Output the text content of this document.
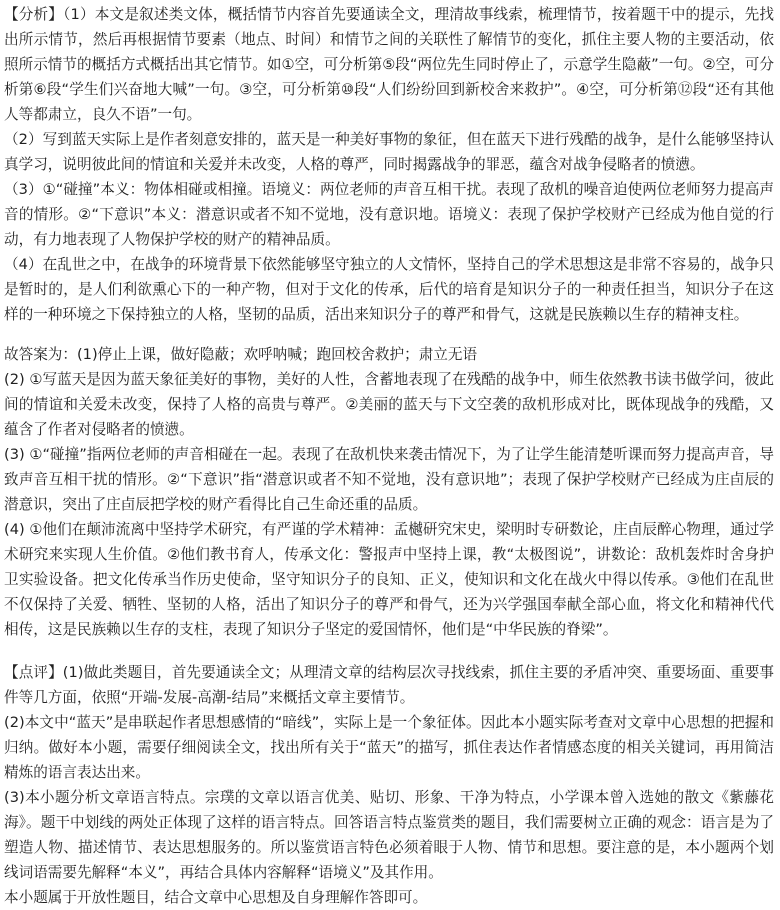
【分析】（1）本文是叙述类文体，概括情节内容首先要通读全文，理清故事线索，梳理情节，按着题干中的提示，先找出所示情节，然后再根据情节要素（地点、时间）和情节之间的关联性了解情节的变化，抓住主要人物的主要活动，依照所示情节的概括方式概括出其它情节。如①空，可分析第⑤段“两位先生同时停止了，示意学生隐蔽”一句。②空，可分析第⑥段“学生们兴奋地大喊”一句。③空，可分析第⑩段“人们纷纷回到新校舍来救护”。④空，可分析第⑫段“还有其他人等都肃立，良久不语”一句。

（2）写到蓝天实际上是作者刻意安排的，蓝天是一种美好事物的象征，但在蓝天下进行残酷的战争，是什么能够坚持认真学习，说明彼此间的情谊和关爱并未改变，人格的尊严，同时揭露战争的罪恶，蕴含对战争侵略者的愤懑。

（3）①“碰撞”本义：物体相碰或相撞。语境义：两位老师的声音互相干扰。表现了敌机的噪音迫使两位老师努力提高声音的情形。②“下意识”本义：潜意识或者不知不觉地，没有意识地。语境义：表现了保护学校财产已经成为他自觉的行动，有力地表现了人物保护学校的财产的精神品质。

（4）在乱世之中，在战争的环境背景下依然能够坚守独立的人文情怀，坚持自己的学术思想这是非常不容易的，战争只是暂时的，是人们利欲熏心下的一种产物，但对于文化的传承，后代的培育是知识分子的一种责任担当，知识分子在这样的一种环境之下保持独立的人格，坚韧的品质，活出来知识分子的尊严和骨气，这就是民族赖以生存的精神支柱。

故答案为：(1)停止上课，做好隐蔽；欢呼呐喊；跑回校舍救护；肃立无语

(2) ①写蓝天是因为蓝天象征美好的事物，美好的人性，含蓄地表现了在残酷的战争中，师生依然教书读书做学问，彼此间的情谊和关爱未改变，保持了人格的高贵与尊严。②美丽的蓝天与下文空袭的敌机形成对比，既体现战争的残酷，又蕴含了作者对侵略者的愤懑。

(3) ①“碰撞”指两位老师的声音相碰在一起。表现了在敌机快来袭击情况下，为了让学生能清楚听课而努力提高声音，导致声音互相干扰的情形。②“下意识”指“潜意识或者不知不觉地，没有意识地”；表现了保护学校财产已经成为庄卣辰的潜意识，突出了庄卣辰把学校的财产看得比自己生命还重的品质。

(4) ①他们在颠沛流离中坚持学术研究，有严谨的学术精神：孟樾研究宋史，梁明时专研数论，庄卣辰醉心物理，通过学术研究来实现人生价值。②他们教书育人，传承文化：警报声中坚持上课，教“太极图说”，讲数论：敌机轰炸时舍身护卫实验设备。把文化传承当作历史使命，坚守知识分子的良知、正义，使知识和文化在战火中得以传承。③他们在乱世不仅保持了关爱、牺牲、坚韧的人格，活出了知识分子的尊严和骨气，还为兴学强国奉献全部心血，将文化和精神代代相传，这是民族赖以生存的支柱，表现了知识分子坚定的爱国情怀，他们是“中华民族的脊梁”。

【点评】(1)做此类题目，首先要通读全文；从理清文章的结构层次寻找线索，抓住主要的矛盾冲突、重要场面、重要事件等几方面，依照“开端-发展-高潮-结局”来概括文章主要情节。

(2)本文中“蓝天”是串联起作者思想感情的“暗线”，实际上是一个象征体。因此本小题实际考查对文章中心思想的把握和归纳。做好本小题，需要仔细阅读全文，找出所有关于“蓝天”的描写，抓住表达作者情感态度的相关关键词，再用简洁精炼的语言表达出来。

(3)本小题分析文章语言特点。宗璞的文章以语言优美、贴切、形象、干净为特点，小学课本曾入选她的散文《紫藤花海》。题干中划线的两处正体现了这样的语言特点。回答语言特点鉴赏类的题目，我们需要树立正确的观念：语言是为了塑造人物、描述情节、表达思想服务的。所以鉴赏语言特色必须着眼于人物、情节和思想。要注意的是，本小题两个划线词语需要先解释“本义”，再结合具体内容解释“语境义”及其作用。

本小题属于开放性题目，结合文章中心思想及自身理解作答即可。
